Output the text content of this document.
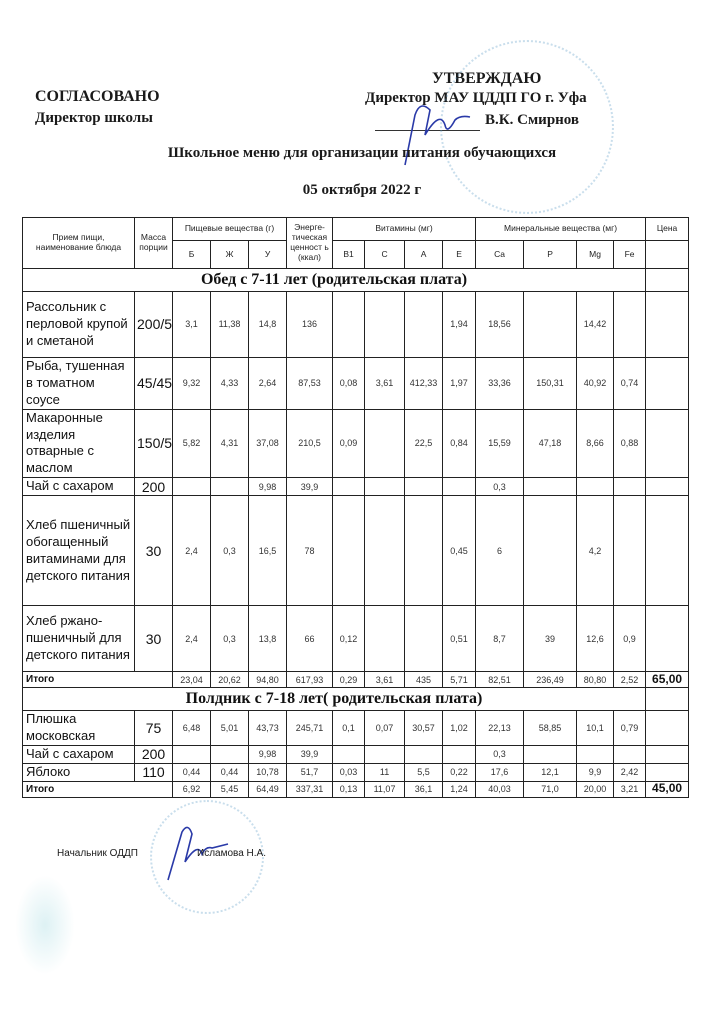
СОГЛАСОВАНО
Директор школы
УТВЕРЖДАЮ
Директор МАУ ЦДДП ГО г. Уфа
В.К. Смирнов
Школьное меню для организации питания обучающихся
05 октября 2022 г
Прием пищи, наименование блюда	Масса порции	Пищевые вещества (г)			Энерге-тическая ценност ь (ккал)	Витамины (мг)				Минеральные вещества (мг)				Цена
		Б	Ж	У		B1	C	A	E	Ca	P	Mg	Fe	
Обед с 7-11 лет (родительская плата)														
Рассольник с перловой крупой и сметаной	200/5	3,1	11,38	14,8	136				1,94	18,56		14,42		
Рыба, тушенная в томатном соусе	45/45	9,32	4,33	2,64	87,53	0,08	3,61	412,33	1,97	33,36	150,31	40,92	0,74	
Макаронные изделия отварные с маслом	150/5	5,82	4,31	37,08	210,5	0,09		22,5	0,84	15,59	47,18	8,66	0,88	
Чай с сахаром	200			9,98	39,9					0,3				
Хлеб пшеничный обогащенный витаминами для детского питания	30	2,4	0,3	16,5	78				0,45	6		4,2		
Хлеб ржано-пшеничный для детского питания	30	2,4	0,3	13,8	66	0,12			0,51	8,7	39	12,6	0,9	
Итого		23,04	20,62	94,80	617,93	0,29	3,61	435	5,71	82,51	236,49	80,80	2,52	65,00
Полдник с 7-18 лет( родительская плата)														
Плюшка московская	75	6,48	5,01	43,73	245,71	0,1	0,07	30,57	1,02	22,13	58,85	10,1	0,79	
Чай с сахаром	200			9,98	39,9					0,3				
Яблоко	110	0,44	0,44	10,78	51,7	0,03	11	5,5	0,22	17,6	12,1	9,9	2,42	
Итого		6,92	5,45	64,49	337,31	0,13	11,07	36,1	1,24	40,03	71,0	20,00	3,21	45,00
Начальник ОДДП	Исламова Н.А.
